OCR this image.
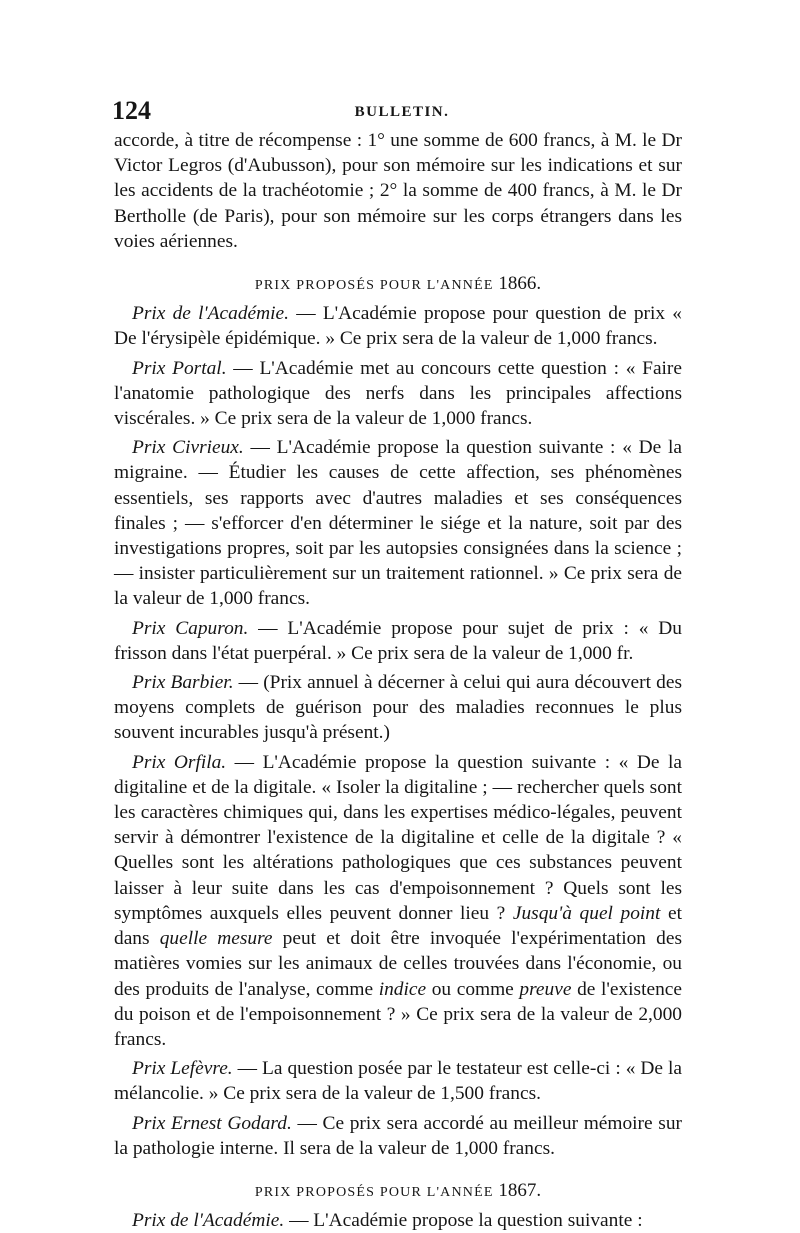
124	BULLETIN.

accorde, à titre de récompense : 1° une somme de 600 francs, à M. le Dr Victor Legros (d'Aubusson), pour son mémoire sur les indications et sur les accidents de la trachéotomie ; 2° la somme de 400 francs, à M. le Dr Bertholle (de Paris), pour son mémoire sur les corps étrangers dans les voies aériennes.

PRIX PROPOSÉS POUR L'ANNÉE 1866.

Prix de l'Académie. — L'Académie propose pour question de prix « De l'érysipèle épidémique. » Ce prix sera de la valeur de 1,000 francs.

Prix Portal. — L'Académie met au concours cette question : « Faire l'anatomie pathologique des nerfs dans les principales affections viscérales. » Ce prix sera de la valeur de 1,000 francs.

Prix Civrieux. — L'Académie propose la question suivante : « De la migraine. — Étudier les causes de cette affection, ses phénomènes essentiels, ses rapports avec d'autres maladies et ses conséquences finales ; — s'efforcer d'en déterminer le siége et la nature, soit par des investigations propres, soit par les autopsies consignées dans la science ; — insister particulièrement sur un traitement rationnel. » Ce prix sera de la valeur de 1,000 francs.

Prix Capuron. — L'Académie propose pour sujet de prix : « Du frisson dans l'état puerpéral. » Ce prix sera de la valeur de 1,000 fr.

Prix Barbier. — (Prix annuel à décerner à celui qui aura découvert des moyens complets de guérison pour des maladies reconnues le plus souvent incurables jusqu'à présent.)

Prix Orfila. — L'Académie propose la question suivante : « De la digitaline et de la digitale. « Isoler la digitaline ; — rechercher quels sont les caractères chimiques qui, dans les expertises médico-légales, peuvent servir à démontrer l'existence de la digitaline et celle de la digitale ? « Quelles sont les altérations pathologiques que ces substances peuvent laisser à leur suite dans les cas d'empoisonnement ? Quels sont les symptômes auxquels elles peuvent donner lieu ? Jusqu'à quel point et dans quelle mesure peut et doit être invoquée l'expérimentation des matières vomies sur les animaux de celles trouvées dans l'économie, ou des produits de l'analyse, comme indice ou comme preuve de l'existence du poison et de l'empoisonnement ? » Ce prix sera de la valeur de 2,000 francs.

Prix Lefèvre. — La question posée par le testateur est celle-ci : « De la mélancolie. » Ce prix sera de la valeur de 1,500 francs.

Prix Ernest Godard. — Ce prix sera accordé au meilleur mémoire sur la pathologie interne. Il sera de la valeur de 1,000 francs.

PRIX PROPOSÉS POUR L'ANNÉE 1867.

Prix de l'Académie. — L'Académie propose la question suivante :
